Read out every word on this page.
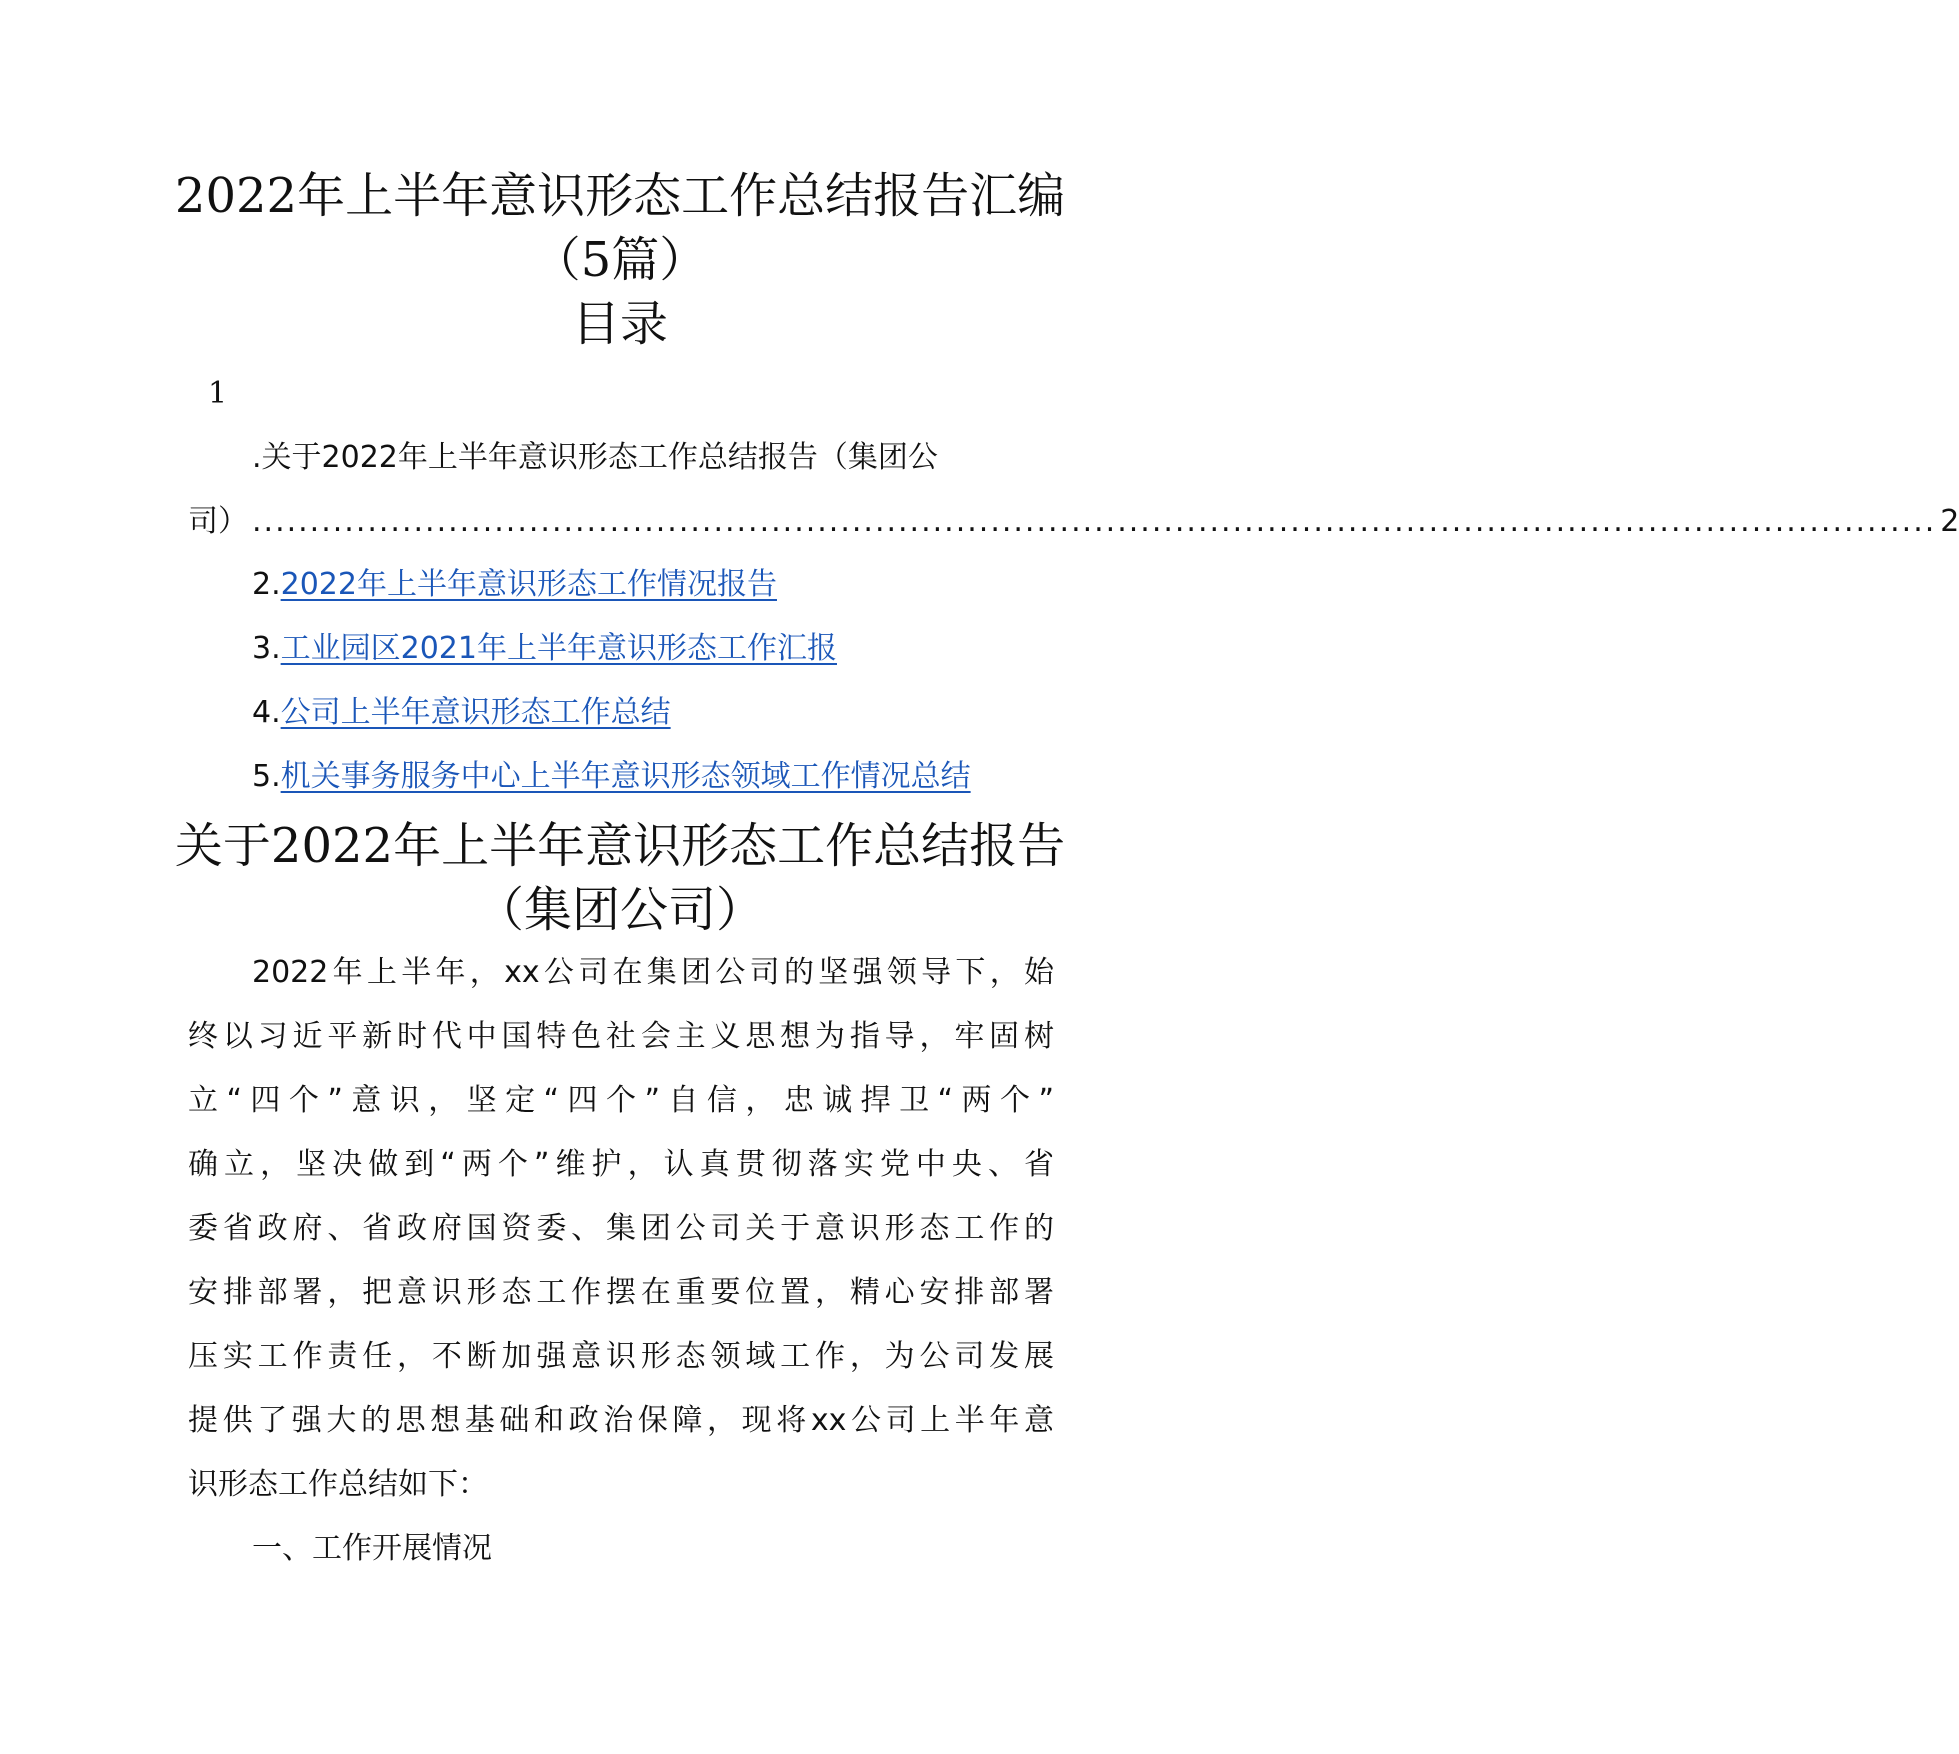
2022年上半年意识形态工作总结报告汇编
（5篇）
目录
1
.关于2022年上半年意识形态工作总结报告（集团公
司） .................................................................................................................................................. 2
2.2022年上半年意识形态工作情况报告
3.工业园区2021年上半年意识形态工作汇报
4.公司上半年意识形态工作总结
5.机关事务服务中心上半年意识形态领域工作情况总结
关于2022年上半年意识形态工作总结报告
（集团公司）
2022年上半年，xx公司在集团公司的坚强领导下，始
终以习近平新时代中国特色社会主义思想为指导，牢固树
立“四个”意识，坚定“四个”自信，忠诚捍卫“两个”
确立，坚决做到“两个”维护，认真贯彻落实党中央、省
委省政府、省政府国资委、集团公司关于意识形态工作的
安排部署，把意识形态工作摆在重要位置，精心安排部署
压实工作责任，不断加强意识形态领域工作，为公司发展
提供了强大的思想基础和政治保障，现将xx公司上半年意
识形态工作总结如下：
一、工作开展情况
